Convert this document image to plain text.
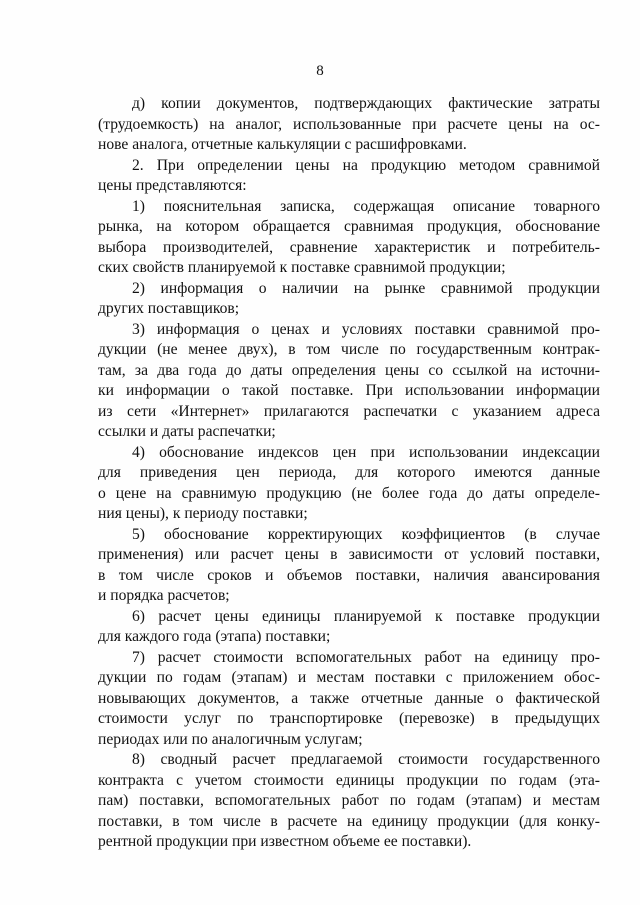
8
д) копии документов, подтверждающих фактические затраты
(трудоемкость) на аналог, использованные при расчете цены на ос-
нове аналога, отчетные калькуляции с расшифровками.
2. При определении цены на продукцию методом сравнимой
цены представляются:
1) пояснительная записка, содержащая описание товарного
рынка, на котором обращается сравнимая продукция, обоснование
выбора производителей, сравнение характеристик и потребитель-
ских свойств планируемой к поставке сравнимой продукции;
2) информация о наличии на рынке сравнимой продукции
других поставщиков;
3) информация о ценах и условиях поставки сравнимой про-
дукции (не менее двух), в том числе по государственным контрак-
там, за два года до даты определения цены со ссылкой на источни-
ки информации о такой поставке. При использовании информации
из сети «Интернет» прилагаются распечатки с указанием адреса
ссылки и даты распечатки;
4) обоснование индексов цен при использовании индексации
для приведения цен периода, для которого имеются данные
о цене на сравнимую продукцию (не более года до даты определе-
ния цены), к периоду поставки;
5) обоснование корректирующих коэффициентов (в случае
применения) или расчет цены в зависимости от условий поставки,
в том числе сроков и объемов поставки, наличия авансирования
и порядка расчетов;
6) расчет цены единицы планируемой к поставке продукции
для каждого года (этапа) поставки;
7) расчет стоимости вспомогательных работ на единицу про-
дукции по годам (этапам) и местам поставки с приложением обос-
новывающих документов, а также отчетные данные о фактической
стоимости услуг по транспортировке (перевозке) в предыдущих
периодах или по аналогичным услугам;
8) сводный расчет предлагаемой стоимости государственного
контракта с учетом стоимости единицы продукции по годам (эта-
пам) поставки, вспомогательных работ по годам (этапам) и местам
поставки, в том числе в расчете на единицу продукции (для конку-
рентной продукции при известном объеме ее поставки).
